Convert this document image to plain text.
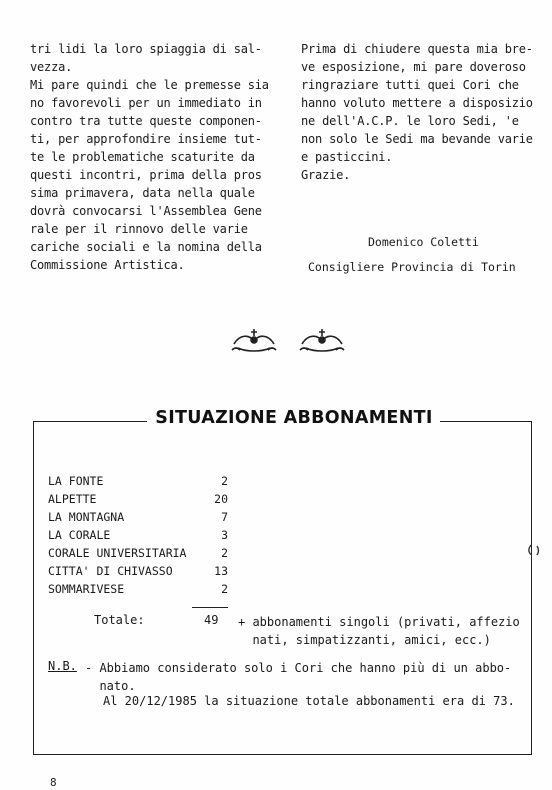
tri lidi la loro spiaggia di sal-

vezza.

Mi pare quindi che le premesse sia

no favorevoli per un immediato in

contro tra tutte queste componen-

ti, per approfondire insieme tut-

te le problematiche scaturite da

questi incontri, prima della pros

sima primavera, data nella quale

dovrà convocarsi l'Assemblea Gene

rale per il rinnovo delle varie

cariche sociali e la nomina della

Commissione Artistica.

Prima di chiudere questa mia bre-

ve esposizione, mi pare doveroso

ringraziare tutti quei Cori che

hanno voluto mettere a disposizio

ne dell'A.C.P. le loro Sedi, 'e

non solo le Sedi ma bevande varie

e pasticcini.

Grazie.

Domenico Coletti
Consigliere Provincia di Torin
SITUAZIONE ABBONAMENTI
LA FONTE	2
ALPETTE	20
LA MONTAGNA	7
LA CORALE	3
CORALE UNIVERSITARIA	2
CITTA' DI CHIVASSO	13
SOMMARIVESE	2
Totale:	49 + abbonamenti singoli (privati, affezio
nati, simpatizzanti, amici, ecc.)
N.B. - Abbiamo considerato solo i Cori che hanno più di un abbo-
nato.
Al 20/12/1985 la situazione totale abbonamenti era di 73.
8
